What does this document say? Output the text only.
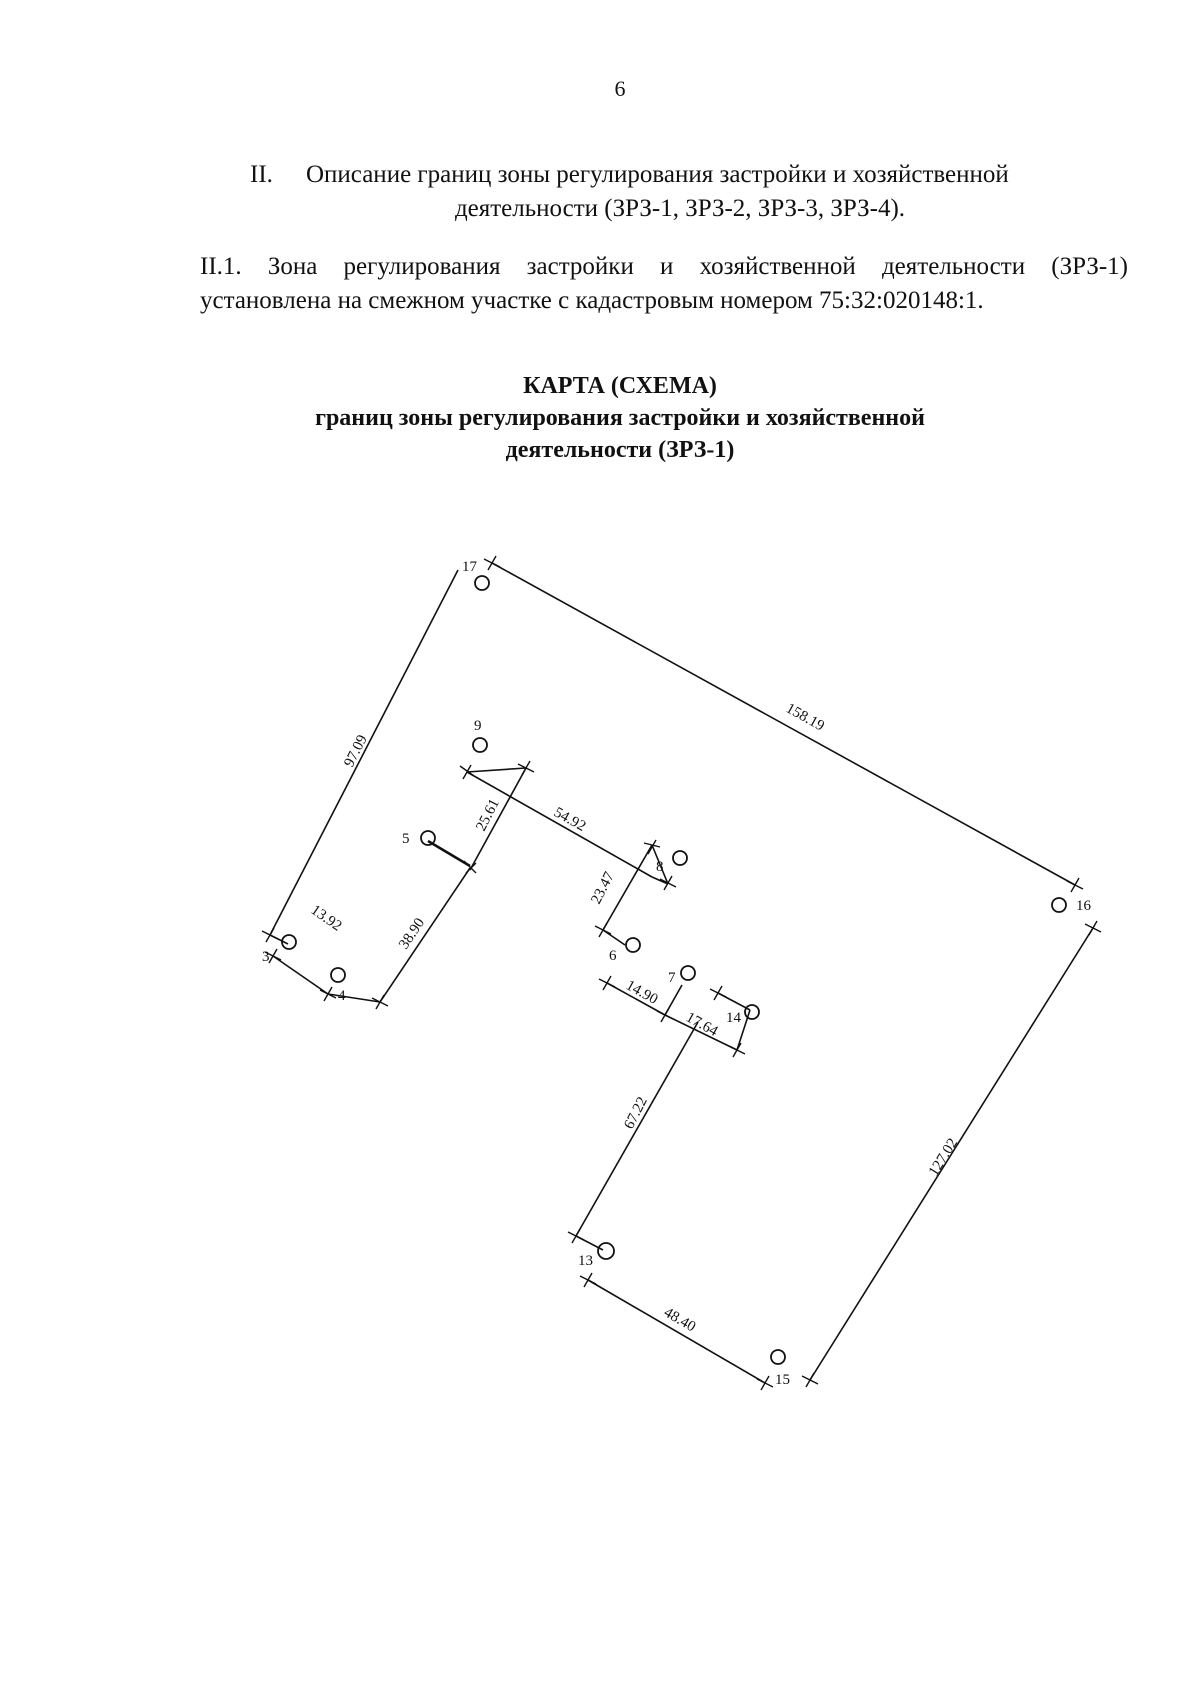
6
II. Описание границ зоны регулирования застройки и хозяйственной
деятельности (ЗРЗ-1, ЗРЗ-2, ЗРЗ-3, ЗРЗ-4).
II.1. Зона регулирования застройки и хозяйственной деятельности (ЗРЗ-1)
установлена на смежном участке с кадастровым номером 75:32:020148:1.
КАРТА (СХЕМА)
границ зоны регулирования застройки и хозяйственной
деятельности (ЗРЗ-1)
17
9
5
8
16
3
4
6
7
14
13
15
158.19
97.09
54.92
25.61
23.47
13.92	38.90
14.90
17.64
67.22
127.02
48.40
